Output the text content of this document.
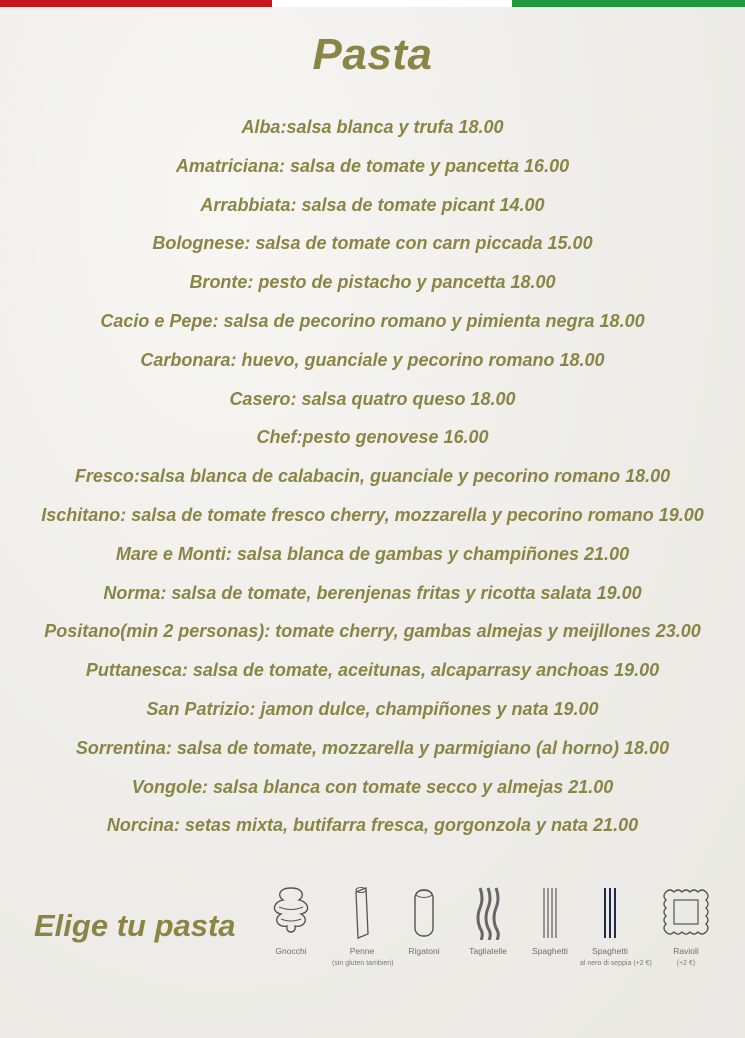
Pasta
Alba:salsa blanca y trufa 18.00
Amatriciana: salsa de tomate y pancetta 16.00
Arrabbiata: salsa de tomate picant 14.00
Bolognese: salsa de tomate con carn piccada 15.00
Bronte: pesto de pistacho y pancetta 18.00
Cacio e Pepe: salsa de pecorino romano y pimienta negra 18.00
Carbonara: huevo, guanciale y pecorino romano 18.00
Casero: salsa quatro queso 18.00
Chef:pesto genovese 16.00
Fresco:salsa blanca de calabacin, guanciale y pecorino romano 18.00
Ischitano: salsa de tomate fresco cherry, mozzarella y pecorino romano 19.00
Mare e Monti: salsa blanca de gambas y champiñones 21.00
Norma: salsa de tomate, berenjenas fritas y ricotta salata 19.00
Positano(min 2 personas): tomate cherry, gambas almejas y meijllones 23.00
Puttanesca: salsa de tomate, aceitunas, alcaparrasy anchoas 19.00
San Patrizio: jamon dulce, champiñones y nata 19.00
Sorrentina: salsa de tomate, mozzarella y parmigiano (al horno) 18.00
Vongole: salsa blanca con tomate secco y almejas 21.00
Norcina: setas mixta, butifarra fresca, gorgonzola y nata 21.00
Elige tu pasta
Gnocchi	Penne
(sin gluten tambien)
Rigatoni	Tagliatelle	Spaghetti	Spaghetti
al nero di seppia (+2 €)
Ravioli
(+2 €)
